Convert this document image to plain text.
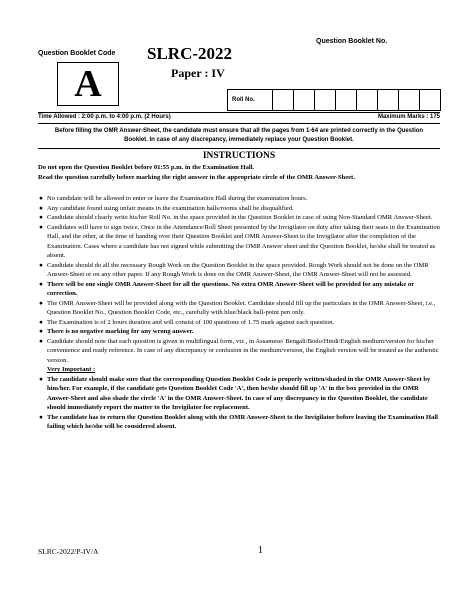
Question Booklet No.
Question Booklet Code
A
SLRC-2022
Paper : IV
Roll No.
Time Allowed : 2:00 p.m. to 4:00 p.m. (2 Hours)	Maximum Marks : 175
Before filling the OMR Answer-Sheet, the candidate must ensure that all the pages from 1-64 are printed correctly in the Question Booklet. In case of any discrepancy, immediately replace your Question Booklet.
INSTRUCTIONS
Do not open the Question Booklet before 01:55 p.m. in the Examination Hall.
Read the question carefully before marking the right answer in the appropriate circle of the OMR Answer-Sheet.
● No candidate will be allowed to enter or leave the Examination Hall during the examination hours.
● Any candidate found using unfair means in the examination halls/rooms shall be disqualified.
● Candidate should clearly write his/her Roll No. in the space provided in the Question Booklet in case of using Non-Standard OMR Answer-Sheet.
● Candidates will have to sign twice. Once in the Attendance/Roll Sheet presented by the Invigilator on duty after taking their seats in the Examination Hall, and the other, at the time of handing over their Question Booklet and OMR Answer-Sheet to the Invigilator after the completion of the Examination. Cases where a candidate has not signed while submitting the OMR Answer sheet and the Question Booklet, he/she shall be treated as absent.
● Candidate should do all the necessary Rough Work on the Question Booklet in the space provided. Rough Work should not be done on the OMR Answer-Sheet or on any other paper. If any Rough Work is done on the OMR Answer-Sheet, the OMR Answer-Sheet will not be assessed.
● There will be one single OMR Answer-Sheet for all the questions. No extra OMR Answer-Sheet will be provided for any mistake or correction.
● The OMR Answer-Sheet will be provided along with the Question Booklet. Candidate should fill up the particulars in the OMR Answer-Sheet, i.e., Question Booklet No., Question Booklet Code, etc., carefully with blue/black ball-point pen only.
● The Examination is of 2 hours duration and will consist of 100 questions of 1.75 mark against each question.
● There is no negative marking for any wrong answer.
● Candidate should note that each question is given in multilingual form, viz., in Assamese/ Bengali/Bodo/Hindi/English medium/version for his/her convenience and ready reference. In case of any discrepancy or confusion in the medium/version, the English version will be treated as the authentic version.
Very Important :
● The candidate should make sure that the corresponding Question Booklet Code is properly written/shaded in the OMR Answer-Sheet by him/her. For example, if the candidate gets Question Booklet Code 'A', then he/she should fill up 'A' in the box provided in the OMR Answer-Sheet and also shade the circle 'A' in the OMR Answer-Sheet. In case of any discrepancy in the Question Booklet, the candidate should immediately report the matter to the Invigilator for replacement.
● The candidate has to return the Question Booklet along with the OMR Answer-Sheet to the Invigilator before leaving the Examination Hall failing which he/she will be considered absent.
SLRC-2022/P-IV/A	1
